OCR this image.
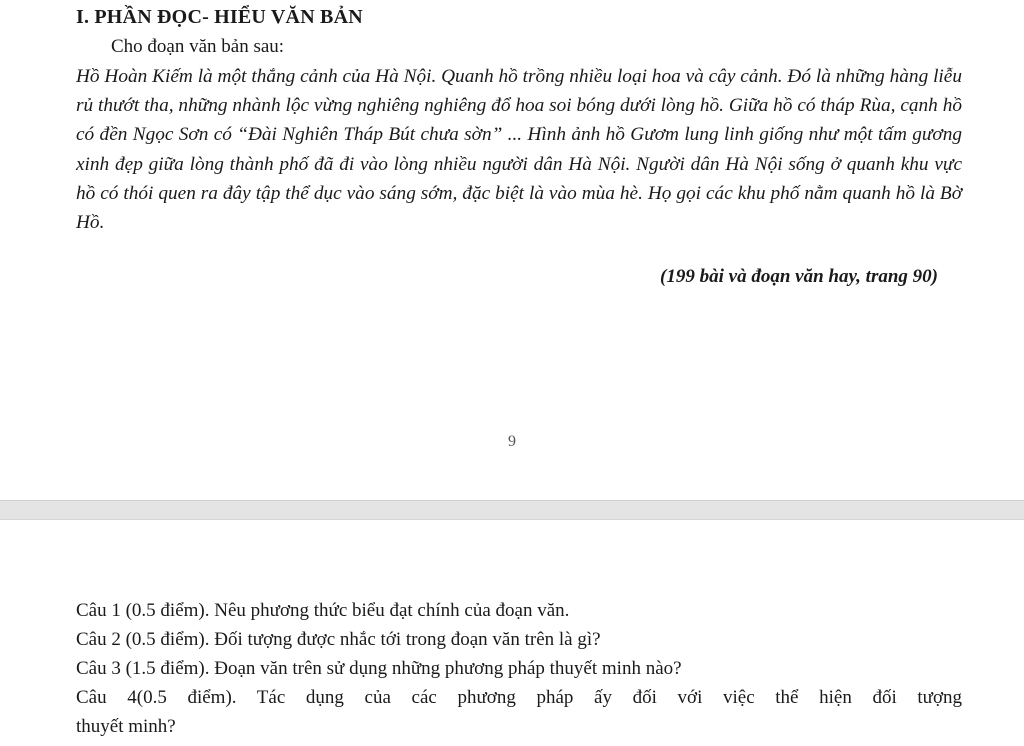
I. PHẦN ĐỌC- HIỂU VĂN BẢN
Cho đoạn văn bản sau:

Hồ Hoàn Kiếm là một thắng cảnh của Hà Nội. Quanh hồ trồng nhiều loại hoa và cây cảnh. Đó là những hàng liễu rủ thướt tha, những nhành lộc vừng nghiêng nghiêng đổ hoa soi bóng dưới lòng hồ. Giữa hồ có tháp Rùa, cạnh hồ có đền Ngọc Sơn có “Đài Nghiên Tháp Bút chưa sờn” ... Hình ảnh hồ Gươm lung linh giống như một tấm gương xinh đẹp giữa lòng thành phố đã đi vào lòng nhiều người dân Hà Nội. Người dân Hà Nội sống ở quanh khu vực hồ có thói quen ra đây tập thể dục vào sáng sớm, đặc biệt là vào mùa hè. Họ gọi các khu phố nằm quanh hồ là Bờ Hồ.

(199 bài và đoạn văn hay, trang 90)
9

Câu 1 (0.5 điểm). Nêu phương thức biểu đạt chính của đoạn văn.

Câu 2 (0.5 điểm). Đối tượng được nhắc tới trong đoạn văn trên là gì?

Câu 3 (1.5 điểm). Đoạn văn trên sử dụng những phương pháp thuyết minh nào?

Câu 4(0.5 điểm). Tác dụng của các phương pháp ấy đối với việc thể hiện đối tượng

thuyết minh?
